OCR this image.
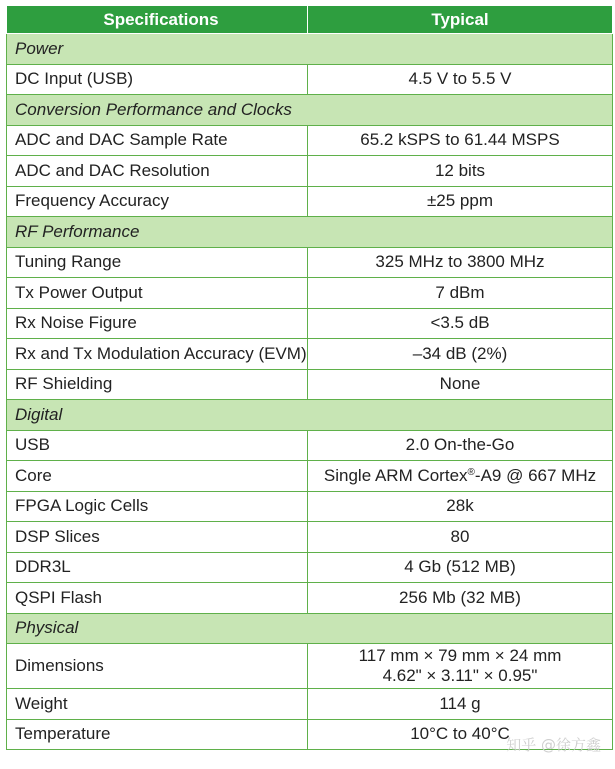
Specifications	Typical
Power	
DC Input (USB)	4.5 V to 5.5 V
Conversion Performance and Clocks	
ADC and DAC Sample Rate	65.2 kSPS to 61.44 MSPS
ADC and DAC Resolution	12 bits
Frequency Accuracy	±25 ppm
RF Performance	
Tuning Range	325 MHz to 3800 MHz
Tx Power Output	7 dBm
Rx Noise Figure	<3.5 dB
Rx and Tx Modulation Accuracy (EVM)	–34 dB (2%)
RF Shielding	None
Digital	
USB	2.0 On-the-Go
Core	Single ARM Cortex®-A9 @ 667 MHz
FPGA Logic Cells	28k
DSP Slices	80
DDR3L	4 Gb (512 MB)
QSPI Flash	256 Mb (32 MB)
Physical	
Dimensions	117 mm × 79 mm × 24 mm
4.62" × 3.11" × 0.95"

Weight	114 g
Temperature	10°C to 40°C
知乎 @徐方鑫
